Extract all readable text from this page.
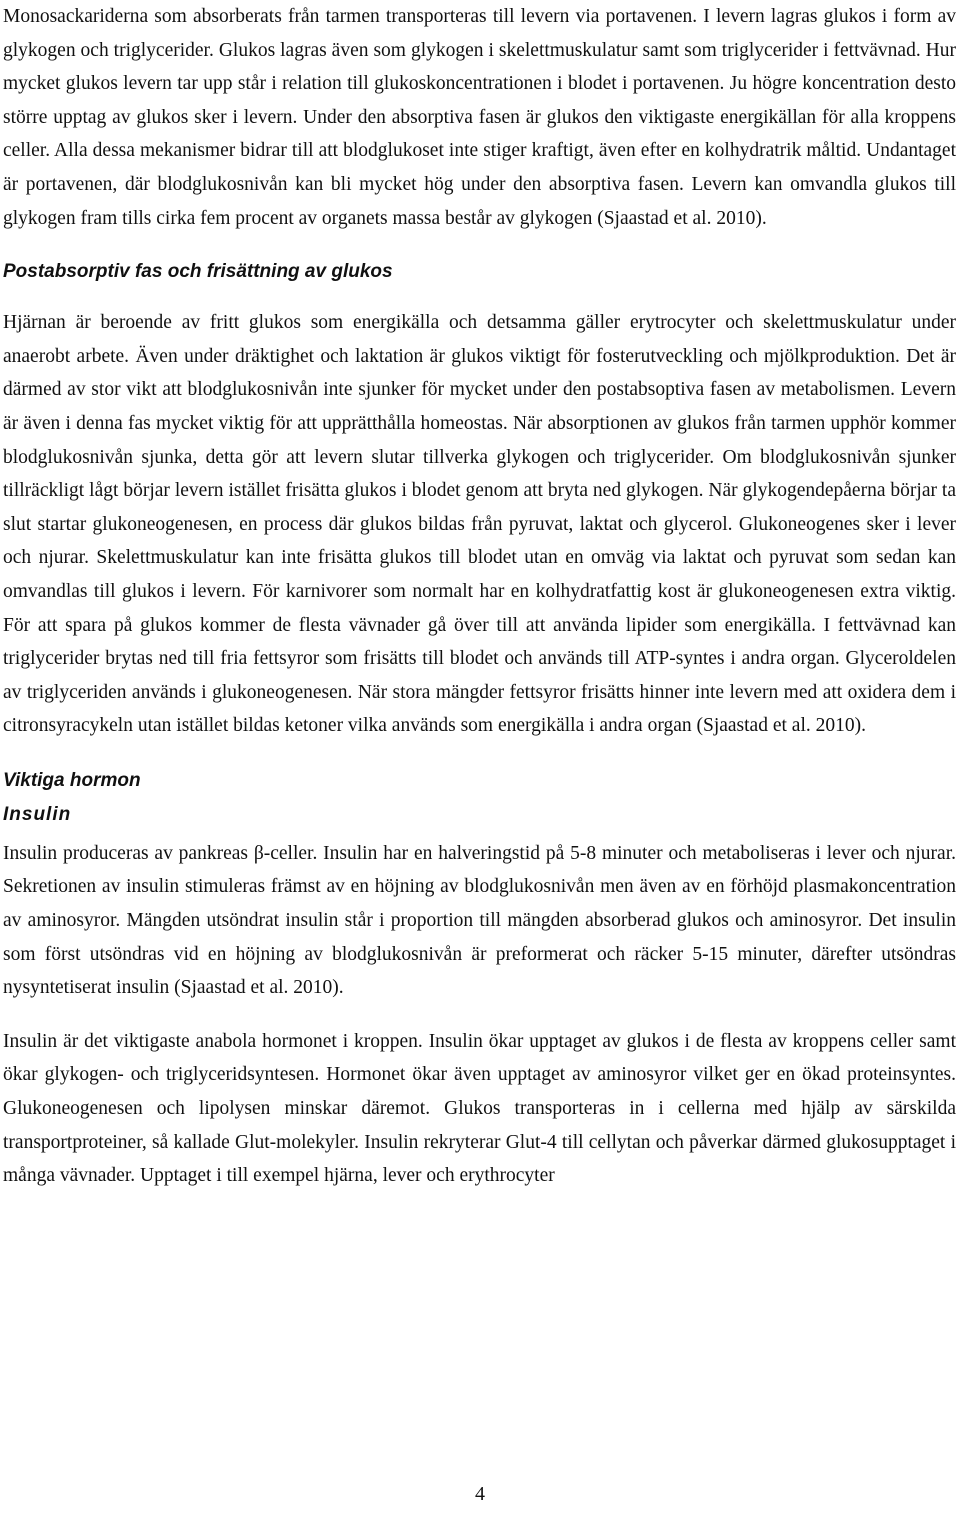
Monosackariderna som absorberats från tarmen transporteras till levern via portavenen. I levern lagras glukos i form av glykogen och triglycerider. Glukos lagras även som glykogen i skelettmuskulatur samt som triglycerider i fettvävnad. Hur mycket glukos levern tar upp står i relation till glukoskoncentrationen i blodet i portavenen. Ju högre koncentration desto större upptag av glukos sker i levern. Under den absorptiva fasen är glukos den viktigaste energikällan för alla kroppens celler. Alla dessa mekanismer bidrar till att blodglukoset inte stiger kraftigt, även efter en kolhydratrik måltid. Undantaget är portavenen, där blodglukosnivån kan bli mycket hög under den absorptiva fasen. Levern kan omvandla glukos till glykogen fram tills cirka fem procent av organets massa består av glykogen (Sjaastad et al. 2010).

Postabsorptiv fas och frisättning av glukos

Hjärnan är beroende av fritt glukos som energikälla och detsamma gäller erytrocyter och skelettmuskulatur under anaerobt arbete. Även under dräktighet och laktation är glukos viktigt för fosterutveckling och mjölkproduktion. Det är därmed av stor vikt att blodglukosnivån inte sjunker för mycket under den postabsoptiva fasen av metabolismen. Levern är även i denna fas mycket viktig för att upprätthålla homeostas. När absorptionen av glukos från tarmen upphör kommer blodglukosnivån sjunka, detta gör att levern slutar tillverka glykogen och triglycerider. Om blodglukosnivån sjunker tillräckligt lågt börjar levern istället frisätta glukos i blodet genom att bryta ned glykogen. När glykogendepåerna börjar ta slut startar glukoneogenesen, en process där glukos bildas från pyruvat, laktat och glycerol. Glukoneogenes sker i lever och njurar. Skelettmuskulatur kan inte frisätta glukos till blodet utan en omväg via laktat och pyruvat som sedan kan omvandlas till glukos i levern. För karnivorer som normalt har en kolhydratfattig kost är glukoneogenesen extra viktig. För att spara på glukos kommer de flesta vävnader gå över till att använda lipider som energikälla. I fettvävnad kan triglycerider brytas ned till fria fettsyror som frisätts till blodet och används till ATP-syntes i andra organ. Glyceroldelen av triglyceriden används i glukoneogenesen. När stora mängder fettsyror frisätts hinner inte levern med att oxidera dem i citronsyracykeln utan istället bildas ketoner vilka används som energikälla i andra organ (Sjaastad et al. 2010).

Viktiga hormon
Insulin

Insulin produceras av pankreas β-celler. Insulin har en halveringstid på 5-8 minuter och metaboliseras i lever och njurar. Sekretionen av insulin stimuleras främst av en höjning av blodglukosnivån men även av en förhöjd plasmakoncentration av aminosyror. Mängden utsöndrat insulin står i proportion till mängden absorberad glukos och aminosyror. Det insulin som först utsöndras vid en höjning av blodglukosnivån är preformerat och räcker 5-15 minuter, därefter utsöndras nysyntetiserat insulin (Sjaastad et al. 2010).

Insulin är det viktigaste anabola hormonet i kroppen. Insulin ökar upptaget av glukos i de flesta av kroppens celler samt ökar glykogen- och triglyceridsyntesen. Hormonet ökar även upptaget av aminosyror vilket ger en ökad proteinsyntes. Glukoneogenesen och lipolysen minskar däremot. Glukos transporteras in i cellerna med hjälp av särskilda transportproteiner, så kallade Glut-molekyler. Insulin rekryterar Glut-4 till cellytan och påverkar därmed glukosupptaget i många vävnader. Upptaget i till exempel hjärna, lever och erythrocyter

4
